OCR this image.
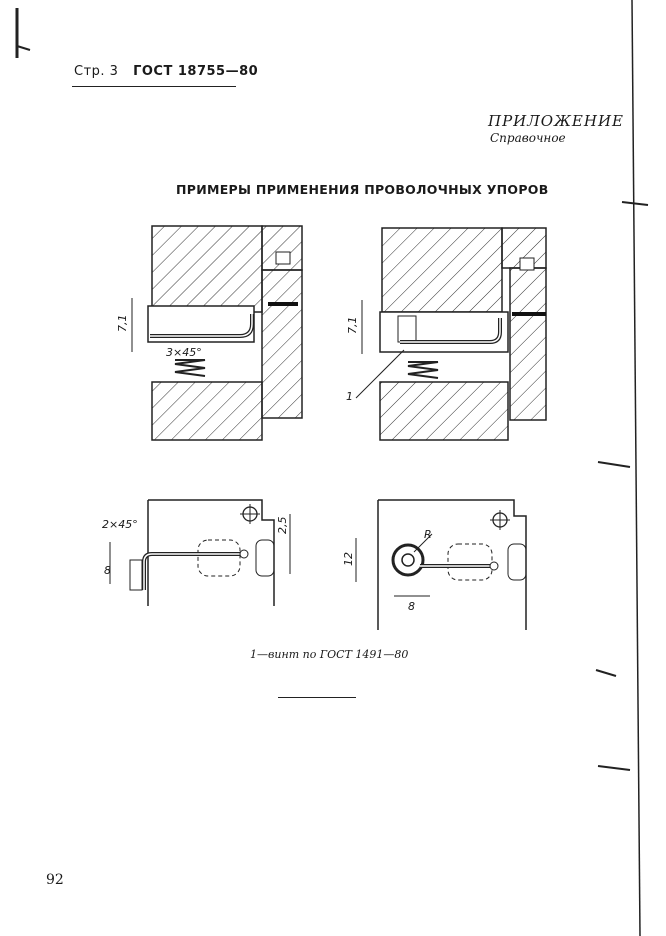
Стр. 3 ГОСТ 18755—80
ПРИЛОЖЕНИЕ
Справочное
ПРИМЕРЫ ПРИМЕНЕНИЯ ПРОВОЛОЧНЫХ УПОРОВ
7,1
3×45°
7,1
1
8
2×45°	2,5
12
8
R
1—винт по ГОСТ 1491—80
92
